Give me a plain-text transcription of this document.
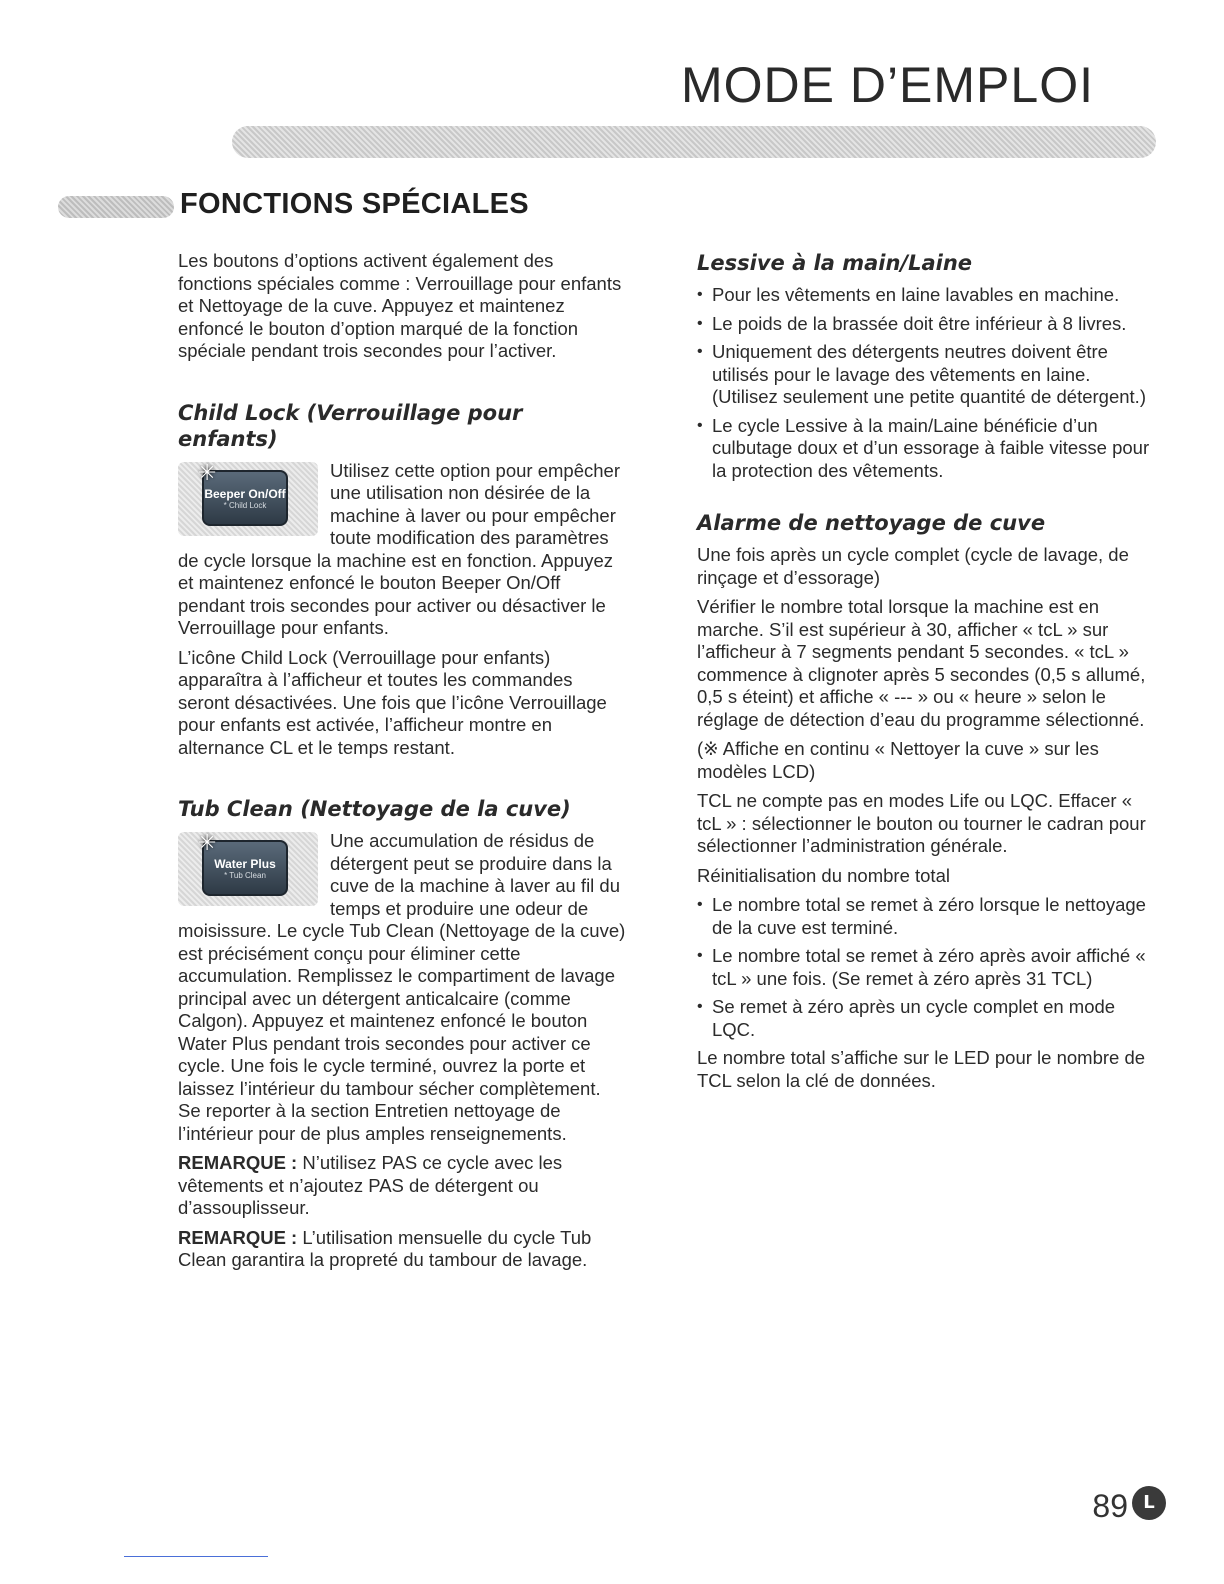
MODE D’EMPLOI
FONCTIONS SPÉCIALES

Les boutons d’options activent également des fonctions spéciales comme : Verrouillage pour enfants et Nettoyage de la cuve. Appuyez et maintenez enfoncé le bouton d’option marqué de la fonction spéciale pendant trois secondes pour l’activer.

Child Lock (Verrouillage pour enfants)
✳
Beeper On/Off
* Child Lock

Utilisez cette option pour empêcher une utilisation non désirée de la machine à laver ou pour empêcher toute modification des paramètres de cycle lorsque la machine est en fonction. Appuyez et maintenez enfoncé le bouton Beeper On/Off pendant trois secondes pour activer ou désactiver le Verrouillage pour enfants.

L’icône Child Lock (Verrouillage pour enfants) apparaîtra à l’afficheur et toutes les commandes seront désactivées. Une fois que l’icône Verrouillage pour enfants est activée, l’afficheur montre en alternance CL et le temps restant.

Tub Clean (Nettoyage de la cuve)
✳
Water Plus
* Tub Clean

Une accumulation de résidus de détergent peut se produire dans la cuve de la machine à laver au fil du temps et produire une odeur de moisissure. Le cycle Tub Clean (Nettoyage de la cuve) est précisément conçu pour éliminer cette accumulation. Remplissez le compartiment de lavage principal avec un détergent anticalcaire (comme Calgon). Appuyez et maintenez enfoncé le bouton Water Plus pendant trois secondes pour activer ce cycle. Une fois le cycle terminé, ouvrez la porte et laissez l’intérieur du tambour sécher complètement. Se reporter à la section Entretien nettoyage de l’intérieur pour de plus amples renseignements.

REMARQUE : N’utilisez PAS ce cycle avec les vêtements et n’ajoutez PAS de détergent ou d’assouplisseur.

REMARQUE : L’utilisation mensuelle du cycle Tub Clean garantira la propreté du tambour de lavage.

Lessive à la main/Laine
• Pour les vêtements en laine lavables en machine.
• Le poids de la brassée doit être inférieur à 8 livres.
• Uniquement des détergents neutres doivent être utilisés pour le lavage des vêtements en laine. (Utilisez seulement une petite quantité de détergent.)
• Le cycle Lessive à la main/Laine bénéficie d’un culbutage doux et d’un essorage à faible vitesse pour la protection des vêtements.
Alarme de nettoyage de cuve

Une fois après un cycle complet (cycle de lavage, de rinçage et d’essorage)

Vérifier le nombre total lorsque la machine est en marche. S’il est supérieur à 30, afficher « tcL » sur l’afficheur à 7 segments pendant 5 secondes. « tcL » commence à clignoter après 5 secondes (0,5 s allumé, 0,5 s éteint) et affiche « --- » ou « heure » selon le réglage de détection d’eau du programme sélectionné.

(※ Affiche en continu « Nettoyer la cuve » sur les modèles LCD)

TCL ne compte pas en modes Life ou LQC. Effacer « tcL » : sélectionner le bouton ou tourner le cadran pour sélectionner l’administration générale.

Réinitialisation du nombre total

• Le nombre total se remet à zéro lorsque le nettoyage de la cuve est terminé.
• Le nombre total se remet à zéro après avoir affiché « tcL » une fois. (Se remet à zéro après 31 TCL)
• Se remet à zéro après un cycle complet en mode LQC.

Le nombre total s’affiche sur le LED pour le nombre de TCL selon la clé de données.

89 L
